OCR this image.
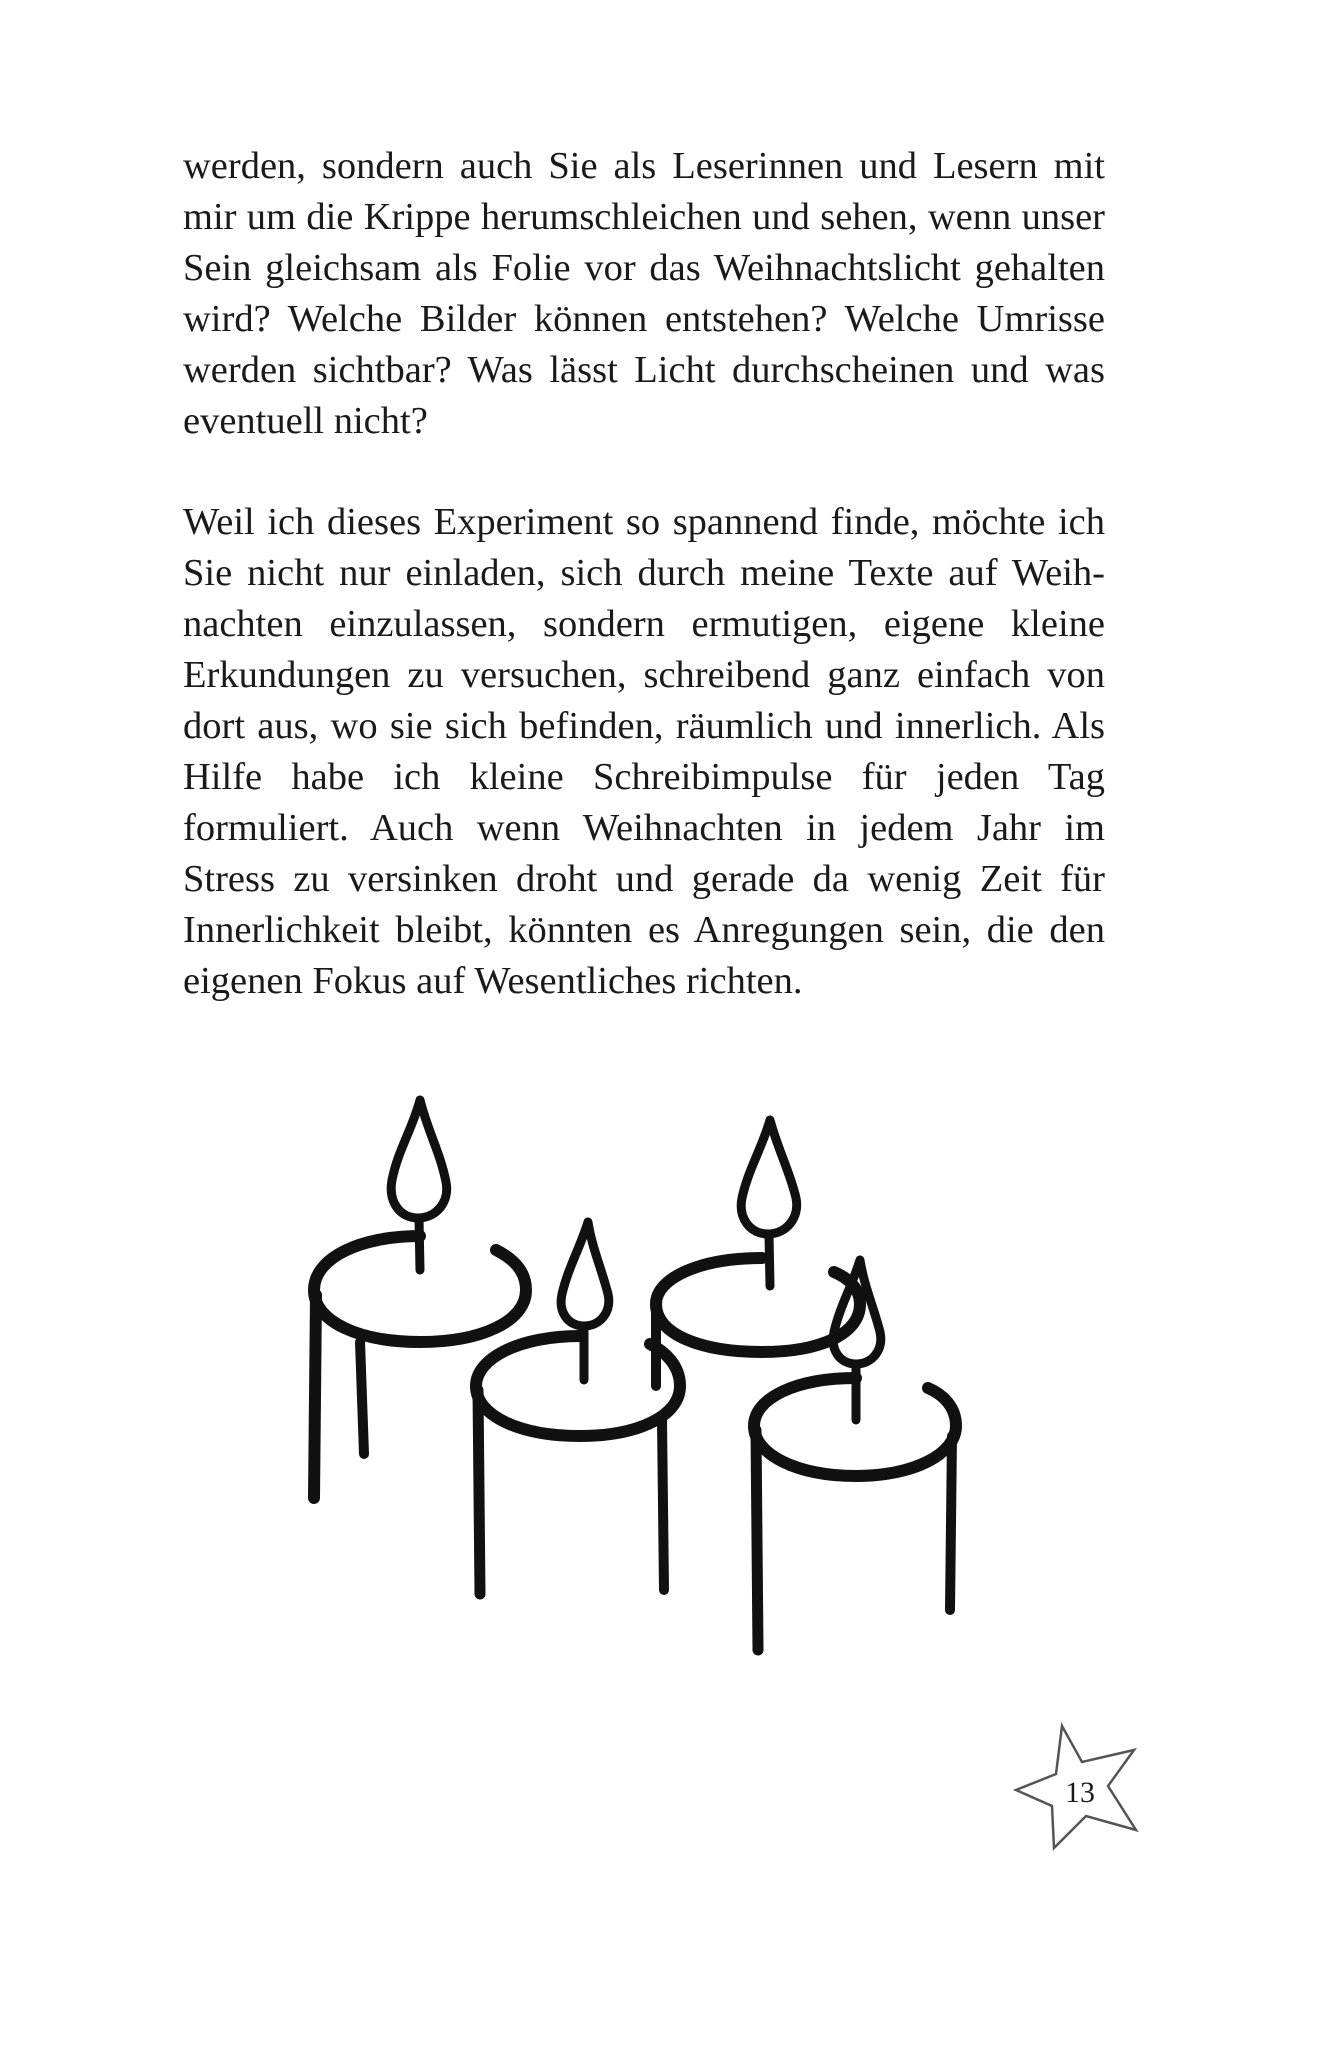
werden, sondern auch Sie als Leserinnen und Lesern mit mir um die Krippe herumschleichen und sehen, wenn unser Sein gleichsam als Folie vor das Weihnachtslicht gehalten wird? Welche Bilder können entstehen? Welche Umrisse werden sichtbar? Was lässt Licht durchscheinen und was eventuell nicht?

Weil ich dieses Experiment so spannend finde, möchte ich Sie nicht nur einladen, sich durch meine Texte auf Weihnachten einzulassen, sondern ermutigen, eigene kleine Erkundungen zu versuchen, schreibend ganz einfach von dort aus, wo sie sich befinden, räumlich und innerlich. Als Hilfe habe ich kleine Schreibimpulse für jeden Tag formuliert. Auch wenn Weihnachten in jedem Jahr im Stress zu versinken droht und gerade da wenig Zeit für Innerlichkeit bleibt, könnten es Anregungen sein, die den eigenen Fokus auf Wesentliches richten.

13
